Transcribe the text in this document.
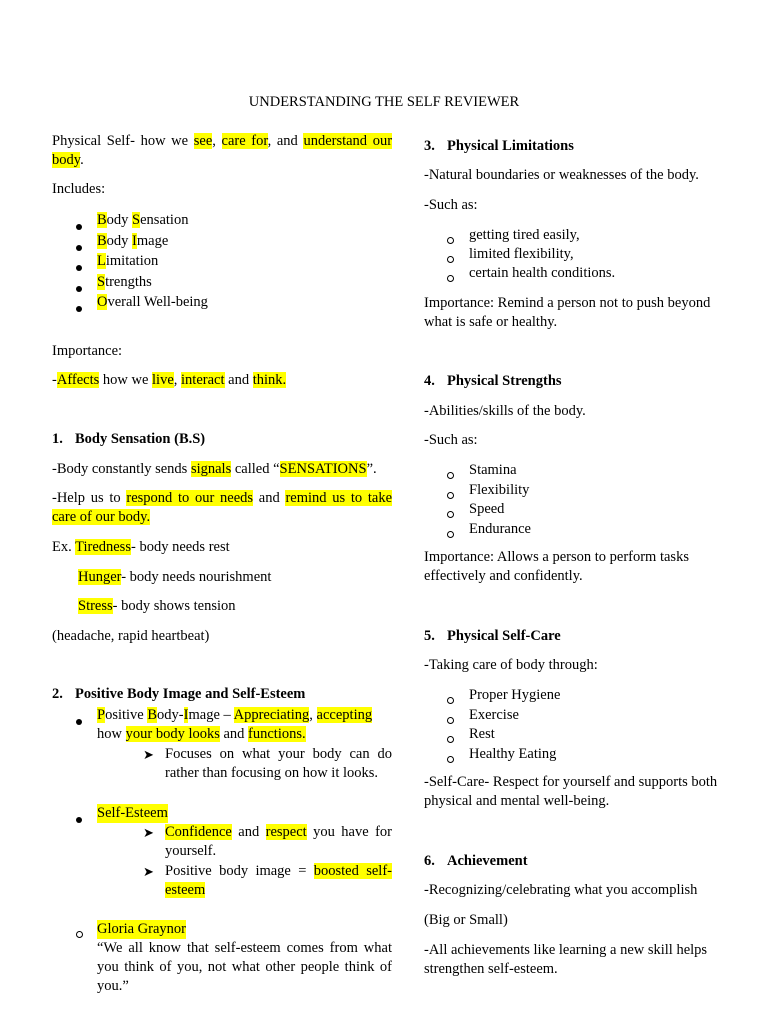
UNDERSTANDING THE SELF REVIEWER
Physical Self- how we see, care for, and understand our body.
Includes:
Body Sensation
Body Image
Limitation
Strengths
Overall Well-being
Importance:
-Affects how we live, interact and think.
1. Body Sensation (B.S)
-Body constantly sends signals called “SENSATIONS”.
-Help us to respond to our needs and remind us to take care of our body.
Ex. Tiredness- body needs rest
Hunger- body needs nourishment
Stress- body shows tension
(headache, rapid heartbeat)
2. Positive Body Image and Self-Esteem
Positive Body-Image – Appreciating, accepting
how your body looks and functions.
➤ Focuses on what your body can do rather than focusing on how it looks.
Self-Esteem
➤ Confidence and respect you have for yourself.
➤ Positive body image = boosted self-esteem
Gloria Graynor
“We all know that self-esteem comes from what you think of you, not what other people think of you.”
3. Physical Limitations
-Natural boundaries or weaknesses of the body.
-Such as:
getting tired easily,
limited flexibility,
certain health conditions.
Importance: Remind a person not to push beyond what is safe or healthy.
4. Physical Strengths
-Abilities/skills of the body.
-Such as:
Stamina
Flexibility
Speed
Endurance
Importance: Allows a person to perform tasks effectively and confidently.
5. Physical Self-Care
-Taking care of body through:
Proper Hygiene
Exercise
Rest
Healthy Eating
-Self-Care- Respect for yourself and supports both physical and mental well-being.
6. Achievement
-Recognizing/celebrating what you accomplish
(Big or Small)
-All achievements like learning a new skill helps strengthen self-esteem.
